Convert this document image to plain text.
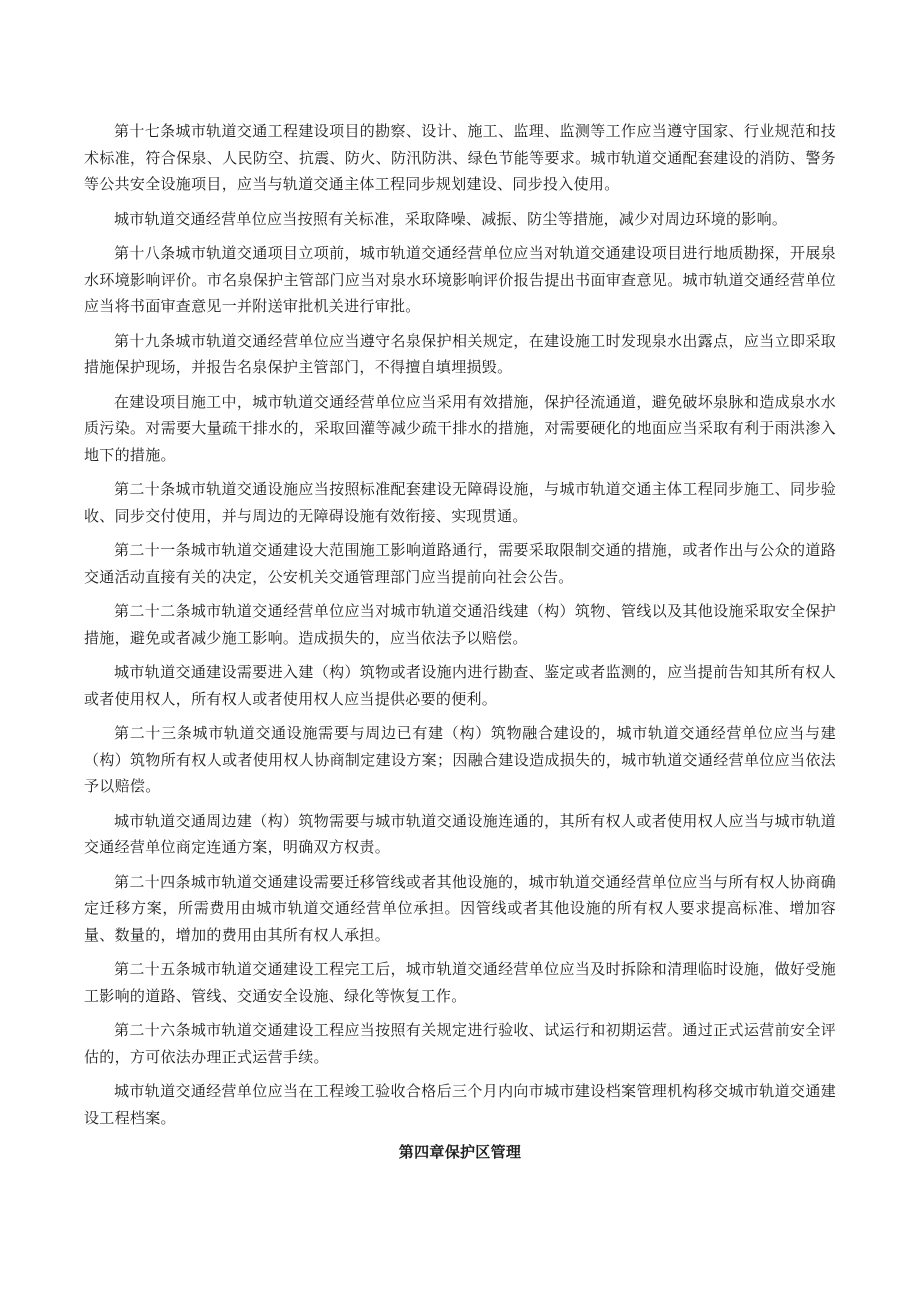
第十七条城市轨道交通工程建设项目的勘察、设计、施工、监理、监测等工作应当遵守国家、行业规范和技术标准，符合保泉、人民防空、抗震、防火、防汛防洪、绿色节能等要求。城市轨道交通配套建设的消防、警务等公共安全设施项目，应当与轨道交通主体工程同步规划建设、同步投入使用。

城市轨道交通经营单位应当按照有关标准，采取降噪、减振、防尘等措施，减少对周边环境的影响。

第十八条城市轨道交通项目立项前，城市轨道交通经营单位应当对轨道交通建设项目进行地质勘探，开展泉水环境影响评价。市名泉保护主管部门应当对泉水环境影响评价报告提出书面审查意见。城市轨道交通经营单位应当将书面审查意见一并附送审批机关进行审批。

第十九条城市轨道交通经营单位应当遵守名泉保护相关规定，在建设施工时发现泉水出露点，应当立即采取措施保护现场，并报告名泉保护主管部门，不得擅自填埋损毁。

在建设项目施工中，城市轨道交通经营单位应当采用有效措施，保护径流通道，避免破坏泉脉和造成泉水水质污染。对需要大量疏干排水的，采取回灌等减少疏干排水的措施，对需要硬化的地面应当采取有利于雨洪渗入地下的措施。

第二十条城市轨道交通设施应当按照标准配套建设无障碍设施，与城市轨道交通主体工程同步施工、同步验收、同步交付使用，并与周边的无障碍设施有效衔接、实现贯通。

第二十一条城市轨道交通建设大范围施工影响道路通行，需要采取限制交通的措施，或者作出与公众的道路交通活动直接有关的决定，公安机关交通管理部门应当提前向社会公告。

第二十二条城市轨道交通经营单位应当对城市轨道交通沿线建（构）筑物、管线以及其他设施采取安全保护措施，避免或者减少施工影响。造成损失的，应当依法予以赔偿。

城市轨道交通建设需要进入建（构）筑物或者设施内进行勘查、鉴定或者监测的，应当提前告知其所有权人或者使用权人，所有权人或者使用权人应当提供必要的便利。

第二十三条城市轨道交通设施需要与周边已有建（构）筑物融合建设的，城市轨道交通经营单位应当与建（构）筑物所有权人或者使用权人协商制定建设方案；因融合建设造成损失的，城市轨道交通经营单位应当依法予以赔偿。

城市轨道交通周边建（构）筑物需要与城市轨道交通设施连通的，其所有权人或者使用权人应当与城市轨道交通经营单位商定连通方案，明确双方权责。

第二十四条城市轨道交通建设需要迁移管线或者其他设施的，城市轨道交通经营单位应当与所有权人协商确定迁移方案，所需费用由城市轨道交通经营单位承担。因管线或者其他设施的所有权人要求提高标准、增加容量、数量的，增加的费用由其所有权人承担。

第二十五条城市轨道交通建设工程完工后，城市轨道交通经营单位应当及时拆除和清理临时设施，做好受施工影响的道路、管线、交通安全设施、绿化等恢复工作。

第二十六条城市轨道交通建设工程应当按照有关规定进行验收、试运行和初期运营。通过正式运营前安全评估的，方可依法办理正式运营手续。

城市轨道交通经营单位应当在工程竣工验收合格后三个月内向市城市建设档案管理机构移交城市轨道交通建设工程档案。

第四章保护区管理
